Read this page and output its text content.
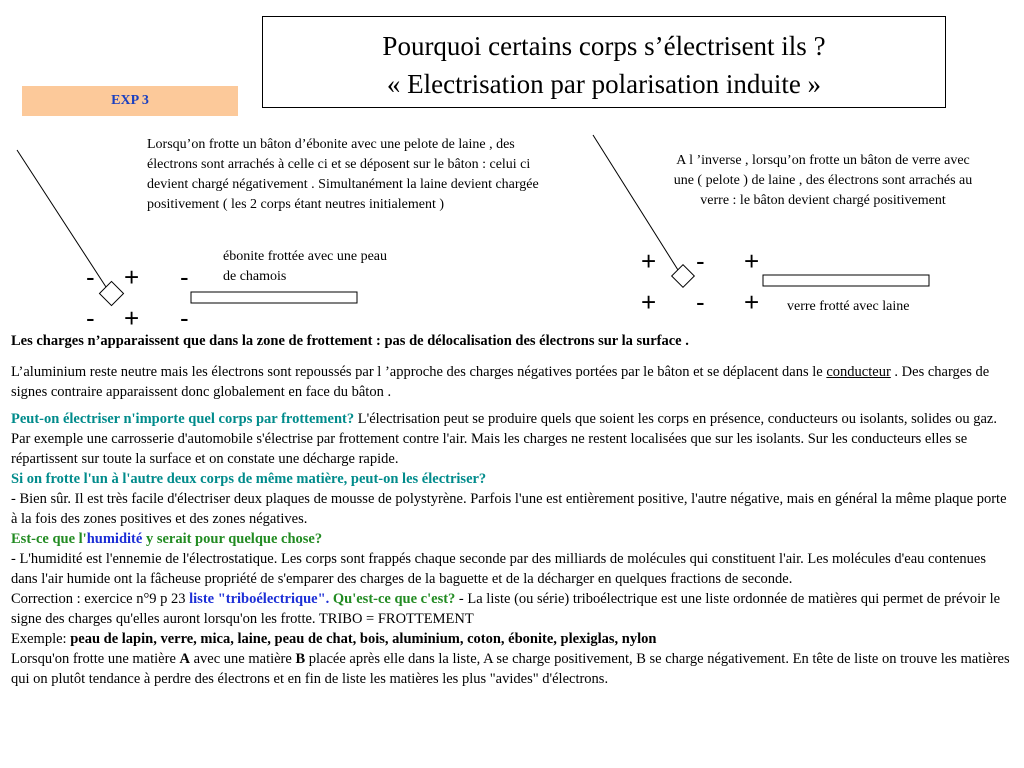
Pourquoi certains corps s’électrisent ils ?
« Electrisation par polarisation induite »
EXP 3
Lorsqu’on frotte un bâton d’ébonite avec une pelote de laine , des électrons sont arrachés à celle ci et se déposent sur le bâton : celui ci devient chargé négativement . Simultanément la laine devient chargée positivement ( les 2 corps étant neutres initialement )
ébonite frottée avec une peau de chamois
- + -
- + -
A l ’inverse , lorsqu’on frotte un bâton de verre avec une ( pelote ) de laine , des électrons sont arrachés au verre : le bâton devient chargé positivement
verre frotté avec laine
+ - +
+ - +
Les charges n’apparaissent que dans la zone de frottement : pas de délocalisation des électrons sur la surface .
L’aluminium reste neutre mais les électrons sont repoussés par l ’approche des charges négatives portées par le bâton et se déplacent dans le conducteur . Des charges de signes contraire apparaissent donc globalement en face du bâton .
Peut-on électriser n'importe quel corps par frottement? L'électrisation peut se produire quels que soient les corps en présence, conducteurs ou isolants, solides ou gaz.
Par exemple une carrosserie d'automobile s'électrise par frottement contre l'air. Mais les charges ne restent localisées que sur les isolants. Sur les conducteurs elles se répartissent sur toute la surface et on constate une décharge rapide.
Si on frotte l'un à l'autre deux corps de même matière, peut-on les électriser?
- Bien sûr. Il est très facile d'électriser deux plaques de mousse de polystyrène. Parfois l'une est entièrement positive, l'autre négative, mais en général la même plaque porte à la fois des zones positives et des zones négatives.
Est-ce que l'humidité y serait pour quelque chose?
- L'humidité est l'ennemie de l'électrostatique. Les corps sont frappés chaque seconde par des milliards de molécules qui constituent l'air. Les molécules d'eau contenues dans l'air humide ont la fâcheuse propriété de s'emparer des charges de la baguette et de la décharger en quelques fractions de seconde.
Correction : exercice n°9 p 23 liste "triboélectrique". Qu'est-ce que c'est? - La liste (ou série) triboélectrique est une liste ordonnée de matières qui permet de prévoir le signe des charges qu'elles auront lorsqu'on les frotte. TRIBO = FROTTEMENT
Exemple: peau de lapin, verre, mica, laine, peau de chat, bois, aluminium, coton, ébonite, plexiglas, nylon
Lorsqu'on frotte une matière A avec une matière B placée après elle dans la liste, A se charge positivement, B se charge négativement. En tête de liste on trouve les matières qui on plutôt tendance à perdre des électrons et en fin de liste les matières les plus "avides" d'électrons.
